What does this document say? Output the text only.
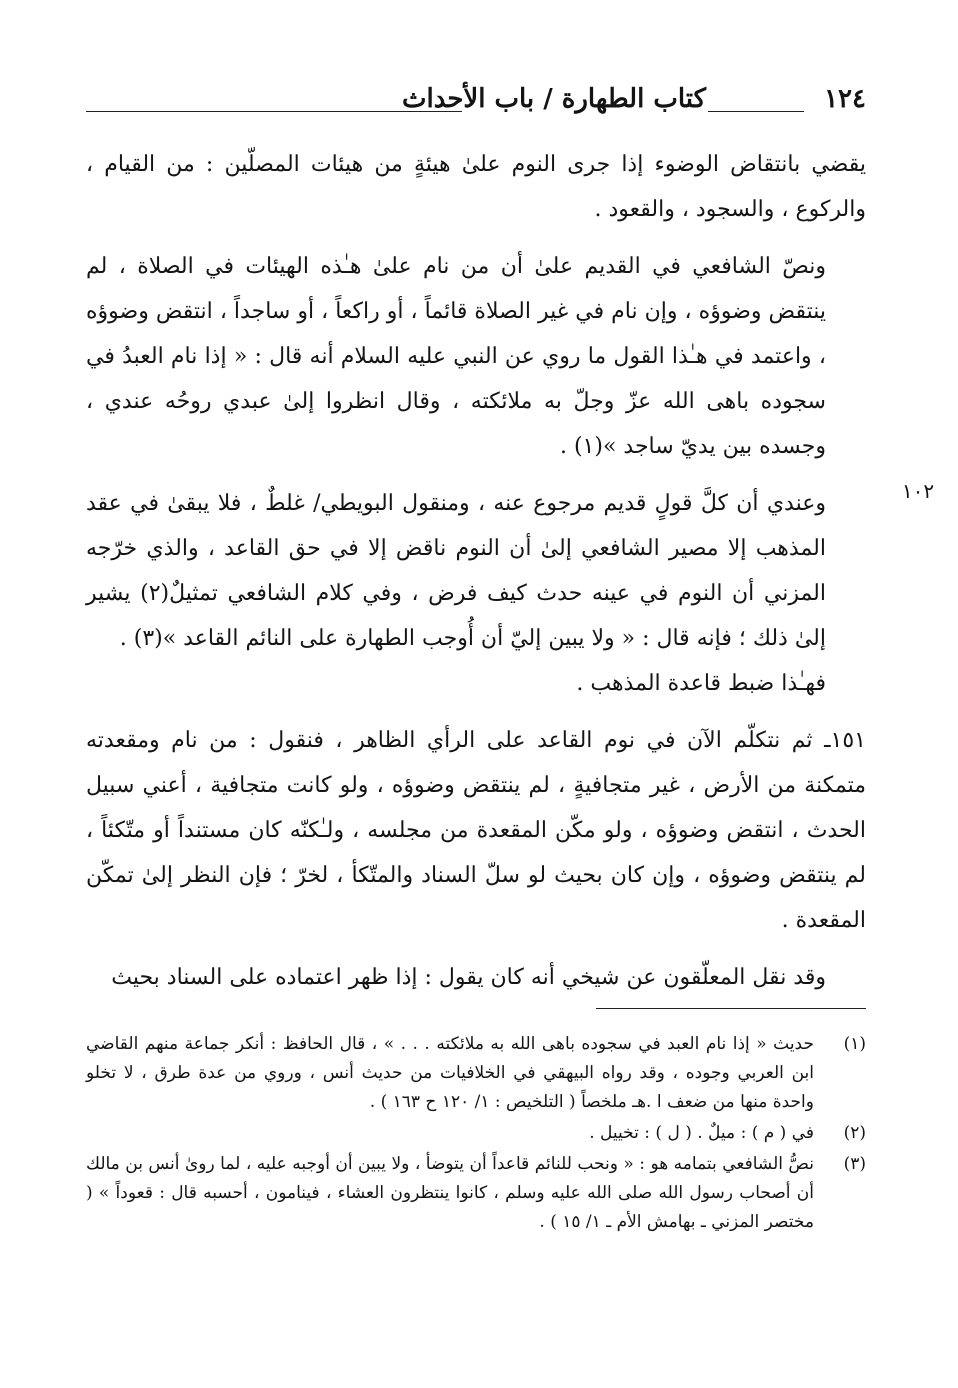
كتاب الطهارة / باب الأحداث	١٢٤
١٠٢

يقضي بانتقاض الوضوء إذا جرى النوم علىٰ هيئةٍ من هيئات المصلّين : من القيام ، والركوع ، والسجود ، والقعود .

ونصّ الشافعي في القديم علىٰ أن من نام علىٰ هـٰذه الهيئات في الصلاة ، لم ينتقض وضوؤه ، وإن نام في غير الصلاة قائماً ، أو راكعاً ، أو ساجداً ، انتقض وضوؤه ، واعتمد في هـٰذا القول ما روي عن النبي عليه السلام أنه قال : « إذا نام العبدُ في سجوده باهى الله عزّ وجلّ به ملائكته ، وقال انظروا إلىٰ عبدي روحُه عندي ، وجسده بين يديّ ساجد »(١) .

وعندي أن كلَّ قولٍ قديم مرجوع عنه ، ومنقول البويطي/ غلطٌ ، فلا يبقىٰ في عقد المذهب إلا مصير الشافعي إلىٰ أن النوم ناقض إلا في حق القاعد ، والذي خرّجه المزني أن النوم في عينه حدث كيف فرض ، وفي كلام الشافعي تمثيلٌ(٢) يشير إلىٰ ذلك ؛ فإنه قال : « ولا يبين إليّ أن أُوجب الطهارة على النائم القاعد »(٣) .

فهـٰذا ضبط قاعدة المذهب .

١٥١ـ ثم نتكلّم الآن في نوم القاعد على الرأي الظاهر ، فنقول : من نام ومقعدته متمكنة من الأرض ، غير متجافيةٍ ، لم ينتقض وضوؤه ، ولو كانت متجافية ، أعني سبيل الحدث ، انتقض وضوؤه ، ولو مكّن المقعدة من مجلسه ، ولـٰكنّه كان مستنداً أو متّكئاً ، لم ينتقض وضوؤه ، وإن كان بحيث لو سلّ السناد والمتّكأ ، لخرّ ؛ فإن النظر إلىٰ تمكّن المقعدة .

وقد نقل المعلّقون عن شيخي أنه كان يقول : إذا ظهر اعتماده على السناد بحيث

(١)
حديث « إذا نام العبد في سجوده باهى الله به ملائكته . . . » ، قال الحافظ : أنكر جماعة منهم القاضي ابن العربي وجوده ، وقد رواه البيهقي في الخلافيات من حديث أنس ، وروي من عدة طرق ، لا تخلو واحدة منها من ضعف ا .هـ ملخصاً ( التلخيص : ١/ ١٢٠ ح ١٦٣ ) .
(٢)
في ( م ) : ميلٌ . ( ل ) : تخييل .
(٣)
نصُّ الشافعي بتمامه هو : « ونحب للنائم قاعداً أن يتوضأ ، ولا يبين أن أوجبه عليه ، لما روىٰ أنس بن مالك أن أصحاب رسول الله صلى الله عليه وسلم ، كانوا ينتظرون العشاء ، فينامون ، أحسبه قال : قعوداً » ( مختصر المزني ـ بهامش الأم ـ ١/ ١٥ ) .
